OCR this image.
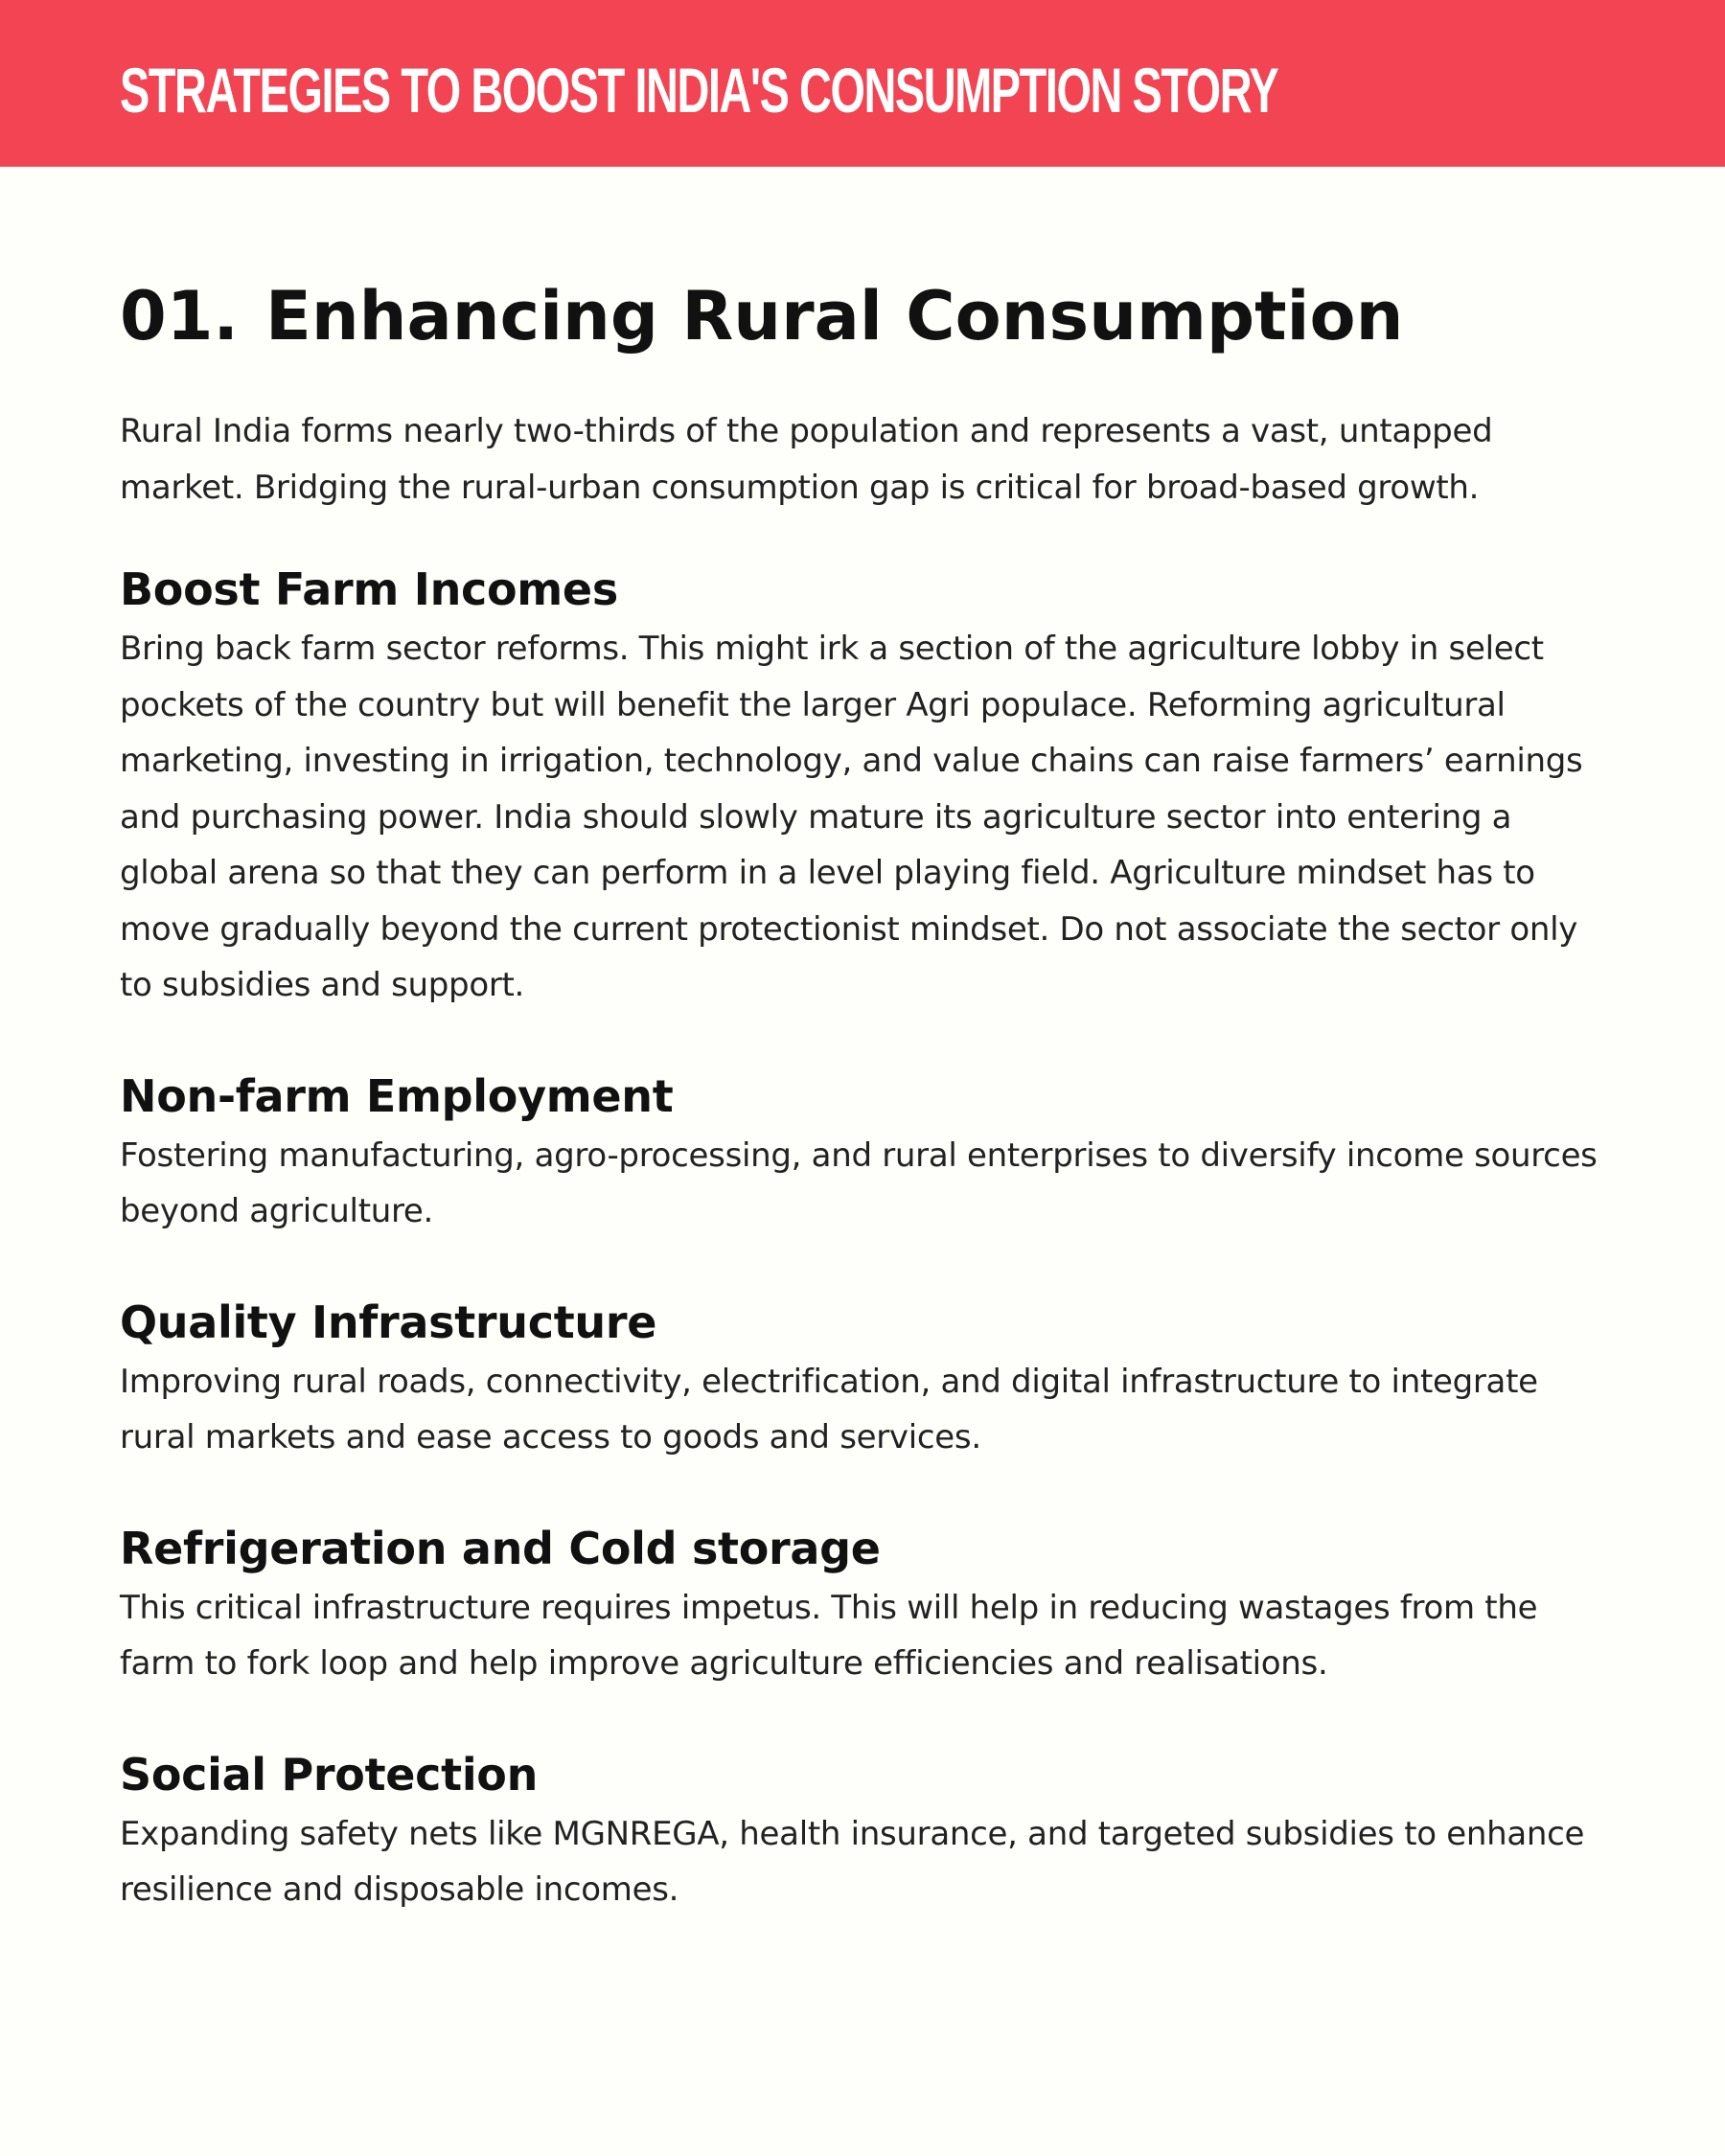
STRATEGIES TO BOOST INDIA'S CONSUMPTION STORY
01. Enhancing Rural Consumption

Rural India forms nearly two-thirds of the population and represents a vast, untapped market. Bridging the rural-urban consumption gap is critical for broad-based growth.

Boost Farm Incomes

Bring back farm sector reforms. This might irk a section of the agriculture lobby in select pockets of the country but will benefit the larger Agri populace. Reforming agricultural marketing, investing in irrigation, technology, and value chains can raise farmers’ earnings and purchasing power. India should slowly mature its agriculture sector into entering a global arena so that they can perform in a level playing field. Agriculture mindset has to move gradually beyond the current protectionist mindset. Do not associate the sector only to subsidies and support.

Non-farm Employment

Fostering manufacturing, agro-processing, and rural enterprises to diversify income sources beyond agriculture.

Quality Infrastructure

Improving rural roads, connectivity, electrification, and digital infrastructure to integrate rural markets and ease access to goods and services.

Refrigeration and Cold storage

This critical infrastructure requires impetus. This will help in reducing wastages from the farm to fork loop and help improve agriculture efficiencies and realisations.

Social Protection

Expanding safety nets like MGNREGA, health insurance, and targeted subsidies to enhance resilience and disposable incomes.
